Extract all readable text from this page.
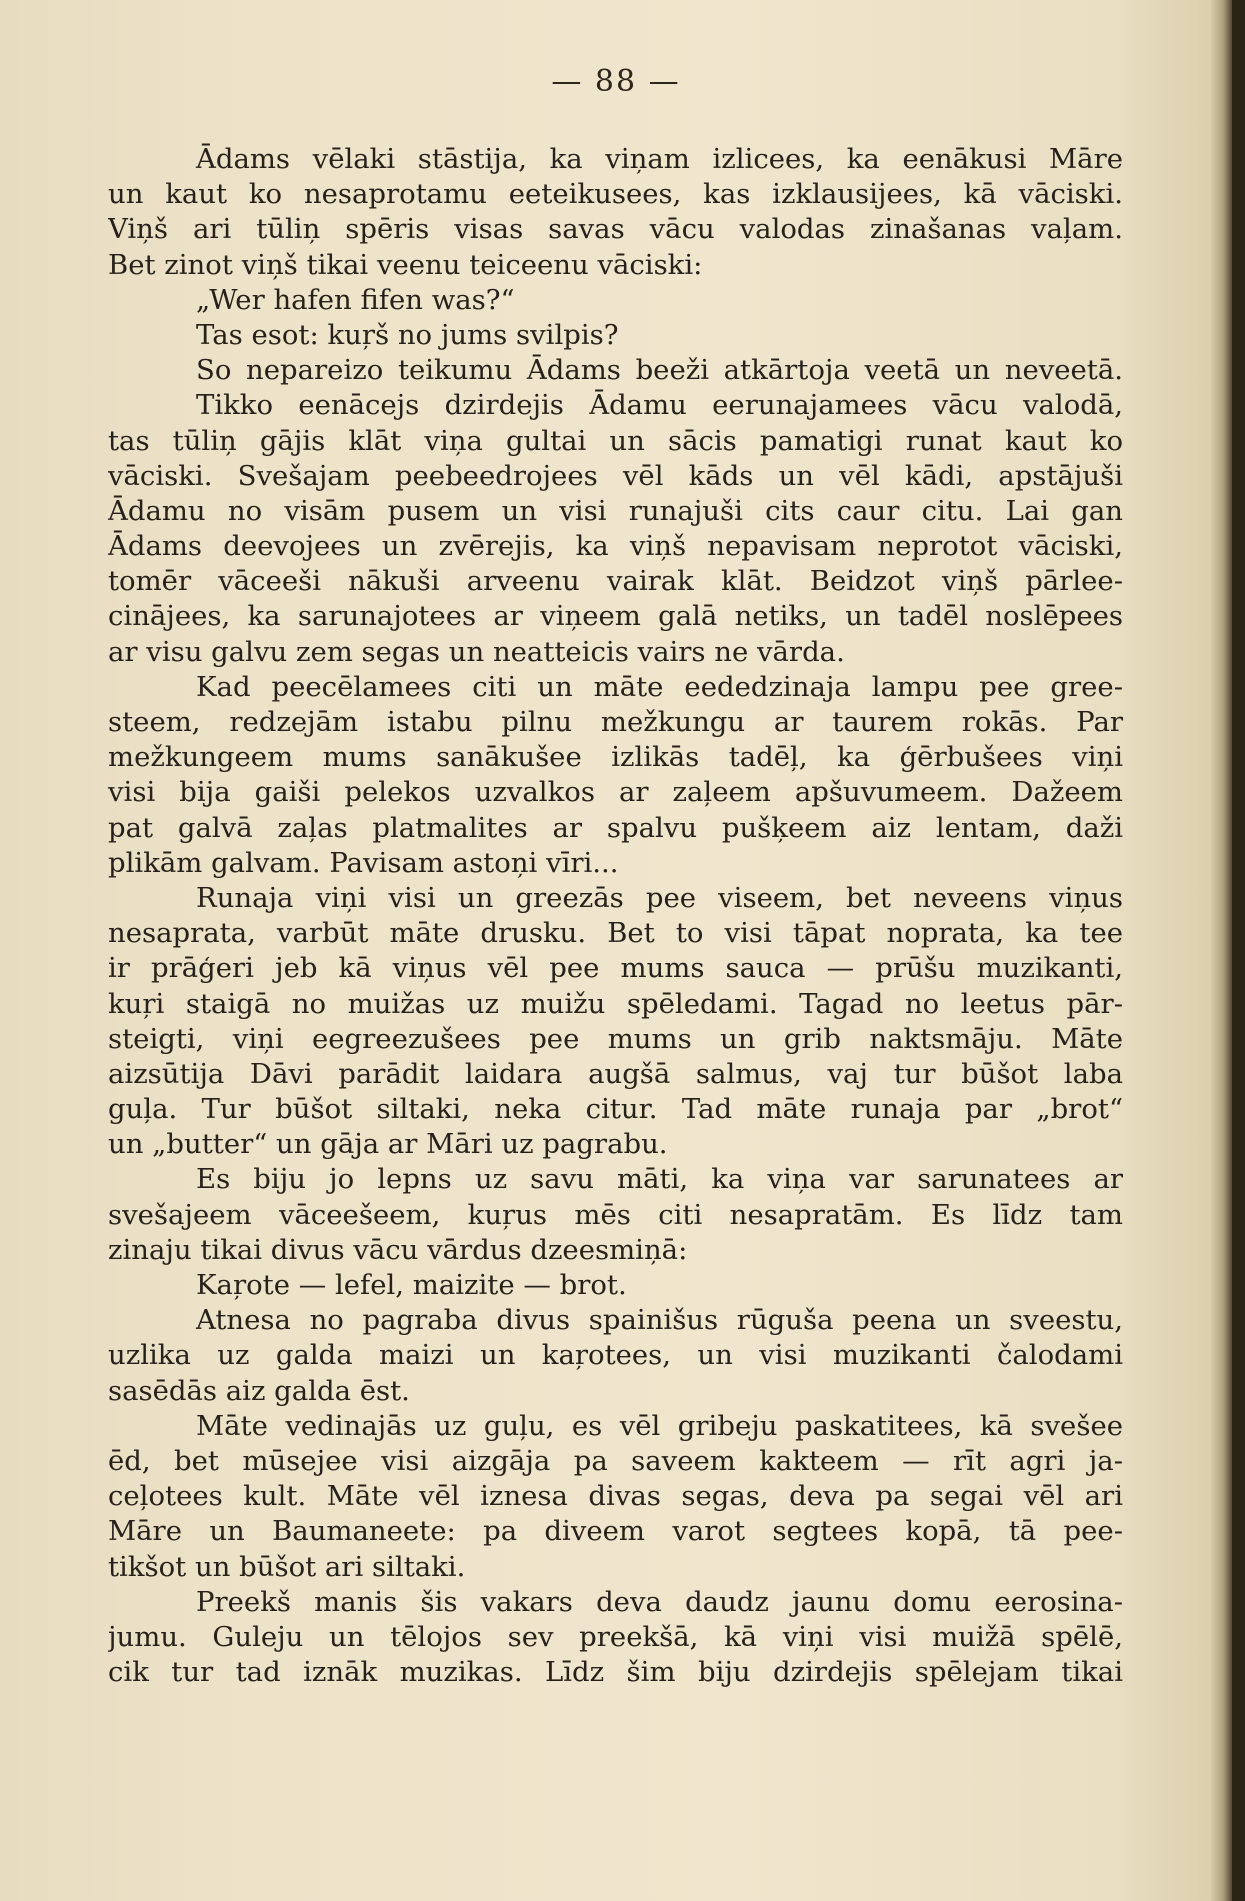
— 88 —
Ādams vēlaki stāstija, ka viņam izlicees, ka eenākusi Māre
un kaut ko nesaprotamu eeteikusees, kas izklausijees, kā vāciski.
Viņš ari tūliņ spēris visas savas vācu valodas zinašanas vaļam.
Bet zinot viņš tikai veenu teiceenu vāciski:
„Wer hafen fifen was?“
Tas esot: kuŗš no jums svilpis?
So nepareizo teikumu Ādams beeži atkārtoja veetā un neveetā.
Tikko eenācejs dzirdejis Ādamu eerunajamees vācu valodā,
tas tūliņ gājis klāt viņa gultai un sācis pamatigi runat kaut ko
vāciski. Svešajam peebeedrojees vēl kāds un vēl kādi, apstājuši
Ādamu no visām pusem un visi runajuši cits caur citu. Lai gan
Ādams deevojees un zvērejis, ka viņš nepavisam neprotot vāciski,
tomēr vāceeši nākuši arveenu vairak klāt. Beidzot viņš pārlee-
cinājees, ka sarunajotees ar viņeem galā netiks, un tadēl noslēpees
ar visu galvu zem segas un neatteicis vairs ne vārda.
Kad peecēlamees citi un māte eededzinaja lampu pee gree-
steem, redzejām istabu pilnu mežkungu ar taurem rokās. Par
mežkungeem mums sanākušee izlikās tadēļ, ka ģērbušees viņi
visi bija gaiši pelekos uzvalkos ar zaļeem apšuvumeem. Dažeem
pat galvā zaļas platmalites ar spalvu pušķeem aiz lentam, daži
plikām galvam. Pavisam astoņi vīri...
Runaja viņi visi un greezās pee viseem, bet neveens viņus
nesaprata, varbūt māte drusku. Bet to visi tāpat noprata, ka tee
ir prāģeri jeb kā viņus vēl pee mums sauca — prūšu muzikanti,
kuŗi staigā no muižas uz muižu spēledami. Tagad no leetus pār-
steigti, viņi eegreezušees pee mums un grib naktsmāju. Māte
aizsūtija Dāvi parādit laidara augšā salmus, vaj tur būšot laba
guļa. Tur būšot siltaki, neka citur. Tad māte runaja par „brot“
un „butter“ un gāja ar Māri uz pagrabu.
Es biju jo lepns uz savu māti, ka viņa var sarunatees ar
svešajeem vāceešeem, kuŗus mēs citi nesapratām. Es līdz tam
zinaju tikai divus vācu vārdus dzeesmiņā:
Kaŗote — lefel, maizite — brot.
Atnesa no pagraba divus spainišus rūguša peena un sveestu,
uzlika uz galda maizi un kaŗotees, un visi muzikanti čalodami
sasēdās aiz galda ēst.
Māte vedinajās uz guļu, es vēl gribeju paskatitees, kā svešee
ēd, bet mūsejee visi aizgāja pa saveem kakteem — rīt agri ja-
ceļotees kult. Māte vēl iznesa divas segas, deva pa segai vēl ari
Māre un Baumaneete: pa diveem varot segtees kopā, tā pee-
tikšot un būšot ari siltaki.
Preekš manis šis vakars deva daudz jaunu domu eerosina-
jumu. Guleju un tēlojos sev preekšā, kā viņi visi muižā spēlē,
cik tur tad iznāk muzikas. Līdz šim biju dzirdejis spēlejam tikai
